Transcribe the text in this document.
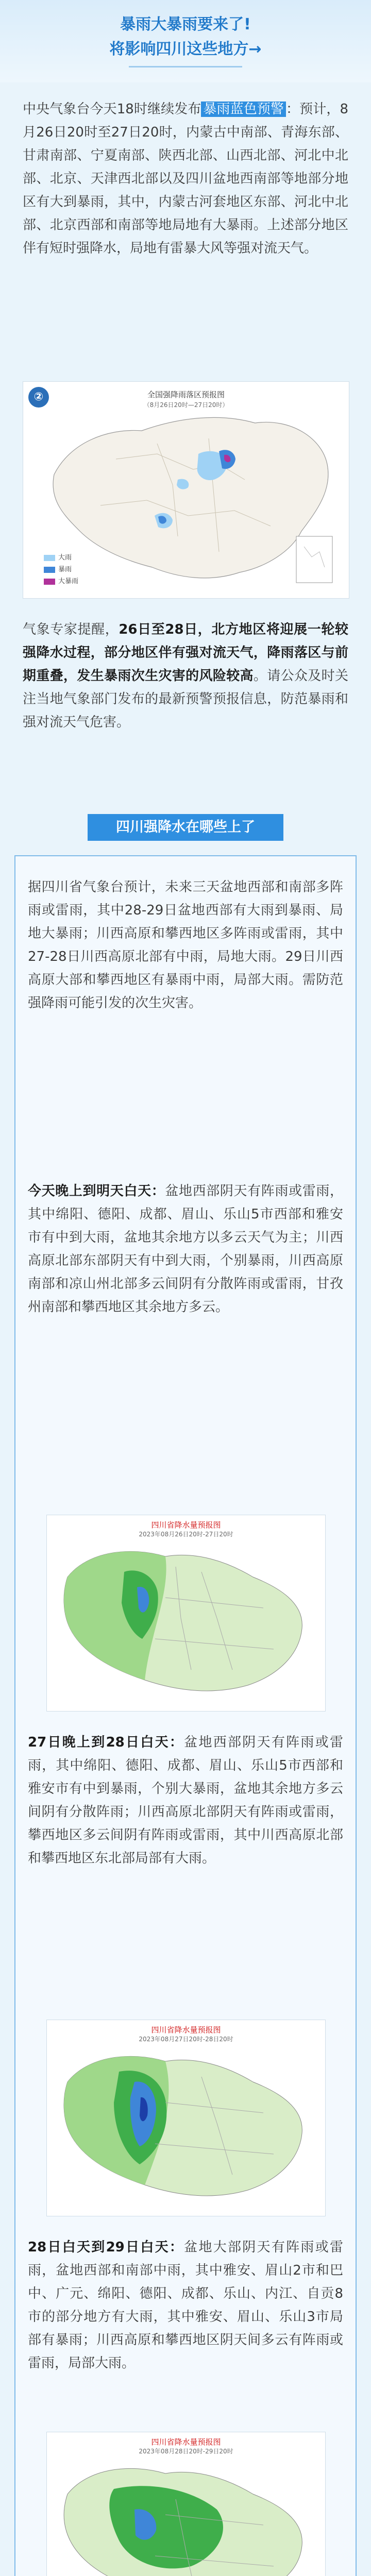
暴雨大暴雨要来了!
将影响四川这些地方→

中央气象台今天18时继续发布 暴雨蓝色预警 ：预计，8月26日20时至27日20时，内蒙古中南部、青海东部、甘肃南部、宁夏南部、陕西北部、山西北部、河北中北部、北京、天津西北部以及四川盆地西南部等地部分地区有大到暴雨，其中，内蒙古河套地区东部、河北中北部、北京西部和南部等地局地有大暴雨。上述部分地区伴有短时强降水，局地有雷暴大风等强对流天气。

②	全国强降雨落区预报图
（8月26日20时—27日20时）
大雨
暴雨
大暴雨

气象专家提醒，26日至28日，北方地区将迎展一轮较强降水过程，部分地区伴有强对流天气，降雨落区与前期重叠，发生暴雨次生灾害的风险较高。请公众及时关注当地气象部门发布的最新预警预报信息，防范暴雨和强对流天气危害。

四川强降水在哪些上了

据四川省气象台预计，未来三天盆地西部和南部多阵雨或雷雨，其中28-29日盆地西部有大雨到暴雨、局地大暴雨；川西高原和攀西地区多阵雨或雷雨，其中27-28日川西高原北部有中雨，局地大雨。29日川西高原大部和攀西地区有暴雨中雨，局部大雨。需防范强降雨可能引发的次生灾害。

今天晚上到明天白天：盆地西部阴天有阵雨或雷雨，其中绵阳、德阳、成都、眉山、乐山5市西部和雅安市有中到大雨，盆地其余地方以多云天气为主；川西高原北部东部阴天有中到大雨，个别暴雨，川西高原南部和凉山州北部多云间阴有分散阵雨或雷雨，甘孜州南部和攀西地区其余地方多云。

四川省降水量预报图
2023年08月26日20时-27日20时

27日晚上到28日白天：盆地西部阴天有阵雨或雷雨，其中绵阳、德阳、成都、眉山、乐山5市西部和雅安市有中到暴雨，个别大暴雨，盆地其余地方多云间阴有分散阵雨；川西高原北部阴天有阵雨或雷雨，攀西地区多云间阴有阵雨或雷雨，其中川西高原北部和攀西地区东北部局部有大雨。

四川省降水量预报图
2023年08月27日20时-28日20时

28日白天到29日白天：盆地大部阴天有阵雨或雷雨，盆地西部和南部中雨，其中雅安、眉山2市和巴中、广元、绵阳、德阳、成都、乐山、内江、自贡8市的部分地方有大雨，其中雅安、眉山、乐山3市局部有暴雨；川西高原和攀西地区阴天间多云有阵雨或雷雨，局部大雨。

四川省降水量预报图
2023年08月28日20时-29日20时
